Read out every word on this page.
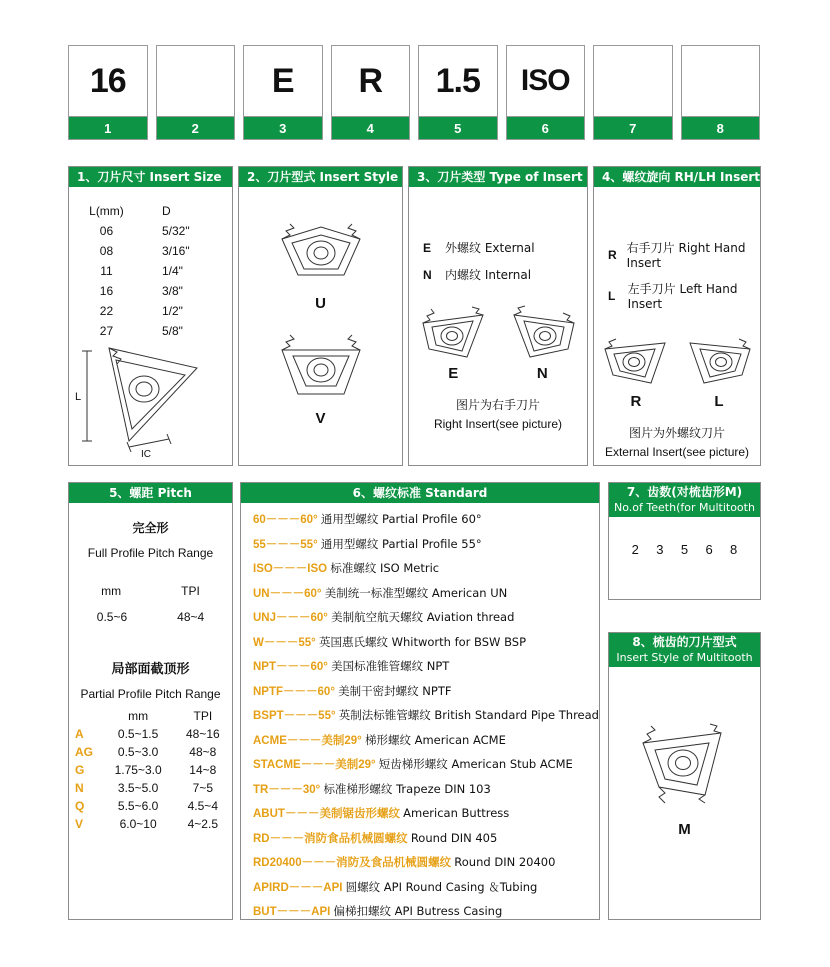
16
1	2
E
3
R
4
1.5
5
ISO
6	7	8
1、刀片尺寸 Insert Size
L(mm)	D
06	5/32"
08	3/16"
11	1/4"
16	3/8"
22	1/2"
27	5/8"
L
IC
2、刀片型式 Insert Style
U
V
3、刀片类型 Type of Insert
E	外螺纹 External
N	内螺纹 Internal
E	N
图片为右手刀片
Right Insert(see picture)
4、螺纹旋向 RH/LH Insert
R 右手刀片 Right Hand Insert
L	左手刀片 Left Hand Insert
R	L
图片为外螺纹刀片
External Insert(see picture)
5、螺距 Pitch
完全形
Full Profile Pitch Range
mm	TPI
0.5~6	48~4
局部面截顶形
Partial Profile Pitch Range
	mm	TPI
A	0.5~1.5	48~16
AG	0.5~3.0	48~8
G	1.75~3.0	14~8
N	3.5~5.0	7~5
Q	5.5~6.0	4.5~4
V	6.0~10	4~2.5
6、螺纹标准 Standard
60－－－60° 通用型螺纹 Partial Profile 60°
55－－－55° 通用型螺纹 Partial Profile 55°
ISO－－－ISO 标准螺纹 ISO Metric
UN－－－60° 美制统一标准型螺纹 American UN
UNJ－－－60° 美制航空航天螺纹 Aviation thread
W－－－55° 英国惠氏螺纹 Whitworth for BSW BSP
NPT－－－60° 美国标准锥管螺纹 NPT
NPTF－－－60° 美制干密封螺纹 NPTF
BSPT－－－55° 英制法标锥管螺纹 British Standard Pipe Thread
ACME－－－美制29° 梯形螺纹 American ACME
STACME－－－美制29° 短齿梯形螺纹 American Stub ACME
TR－－－30° 标准梯形螺纹 Trapeze DIN 103
ABUT－－－美制锯齿形螺纹 American Buttress
RD－－－消防食品机械圆螺纹 Round DIN 405
RD20400－－－消防及食品机械圆螺纹 Round DIN 20400
APIRD－－－API 圆螺纹 API Round Casing ＆Tubing
BUT－－－API 偏梯扣螺纹 API Butress Casing
7、齿数(对梳齿形M)
No.of Teeth(for Multitooth Style)
2 3 5 6 8
8、梳齿的刀片型式
Insert Style of Multitooth
M
